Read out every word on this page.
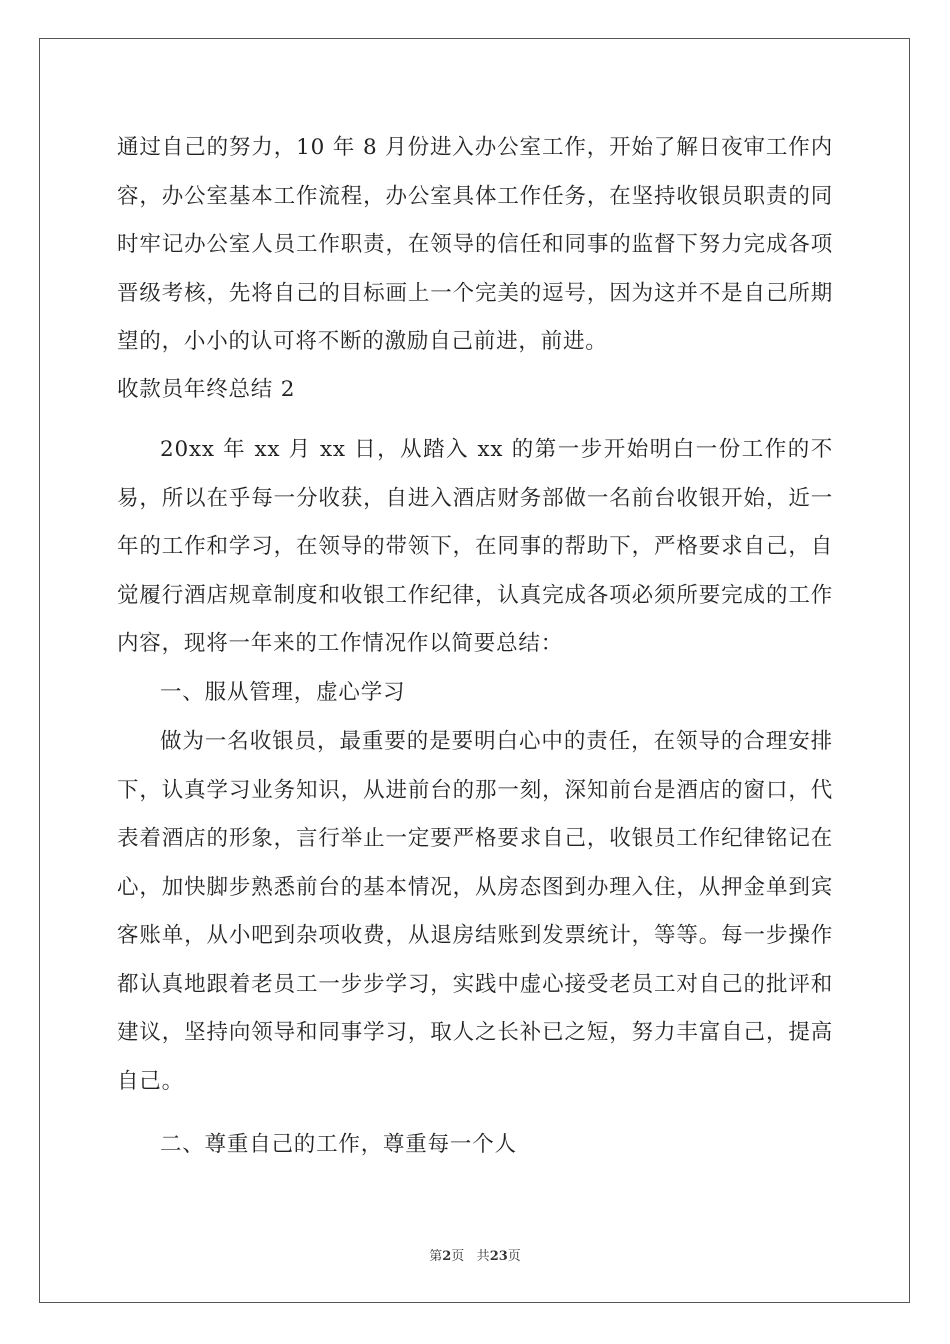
通过自己的努力，10 年 8 月份进入办公室工作，开始了解日夜审工作内容，办公室基本工作流程，办公室具体工作任务，在坚持收银员职责的同时牢记办公室人员工作职责，在领导的信任和同事的监督下努力完成各项晋级考核，先将自己的目标画上一个完美的逗号，因为这并不是自己所期望的，小小的认可将不断的激励自己前进，前进。

收款员年终总结 2

20xx 年 xx 月 xx 日，从踏入 xx 的第一步开始明白一份工作的不易，所以在乎每一分收获，自进入酒店财务部做一名前台收银开始，近一年的工作和学习，在领导的带领下，在同事的帮助下，严格要求自己，自觉履行酒店规章制度和收银工作纪律，认真完成各项必须所要完成的工作内容，现将一年来的工作情况作以简要总结：

一、服从管理，虚心学习

做为一名收银员，最重要的是要明白心中的责任，在领导的合理安排下，认真学习业务知识，从进前台的那一刻，深知前台是酒店的窗口，代表着酒店的形象，言行举止一定要严格要求自己，收银员工作纪律铭记在心，加快脚步熟悉前台的基本情况，从房态图到办理入住，从押金单到宾客账单，从小吧到杂项收费，从退房结账到发票统计，等等。每一步操作都认真地跟着老员工一步步学习，实践中虚心接受老员工对自己的批评和建议，坚持向领导和同事学习，取人之长补已之短，努力丰富自己，提高自己。

二、尊重自己的工作，尊重每一个人

第2页 共23页
